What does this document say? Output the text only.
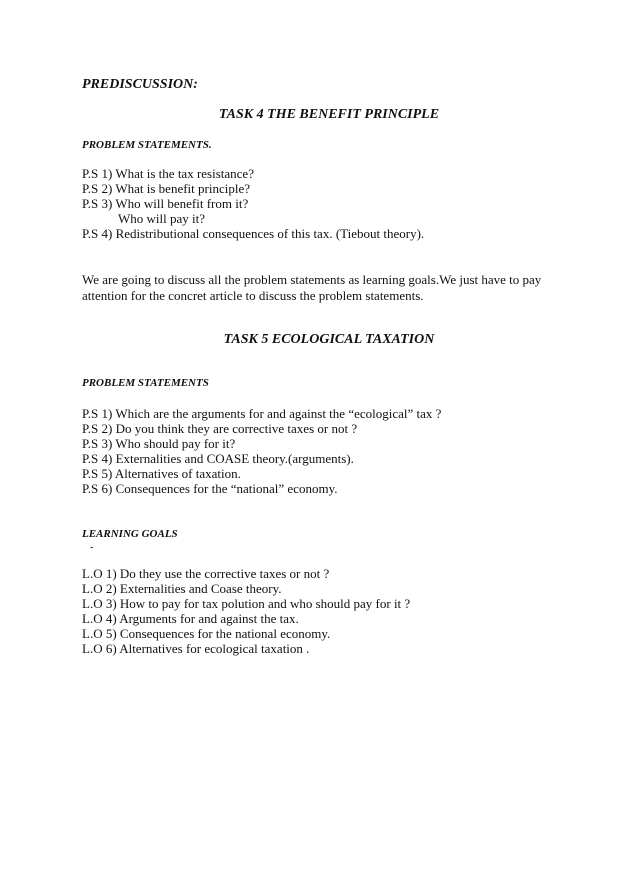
PREDISCUSSION:
TASK 4 THE BENEFIT PRINCIPLE
PROBLEM STATEMENTS.
P.S 1) What is the tax resistance?
P.S 2) What is benefit principle?
P.S 3) Who will benefit from it?
Who will pay it?
P.S 4) Redistributional consequences of this tax. (Tiebout theory).
We are going to discuss all the problem statements as learning goals.We just have to pay attention for the concret article to discuss the problem statements.
TASK 5 ECOLOGICAL TAXATION
PROBLEM STATEMENTS
P.S 1) Which are the arguments for and against the “ecological” tax ?
P.S 2) Do you think they are corrective taxes or not ?
P.S 3) Who should pay for it?
P.S 4) Externalities and COASE theory.(arguments).
P.S 5) Alternatives of taxation.
P.S 6) Consequences for the “national” economy.
LEARNING GOALS
-
L.O 1) Do they use the corrective taxes or not ?
L.O 2) Externalities and Coase theory.
L.O 3) How to pay for tax polution and who should pay for it ?
L.O 4) Arguments for and against the tax.
L.O 5) Consequences for the national economy.
L.O 6) Alternatives for ecological taxation .
